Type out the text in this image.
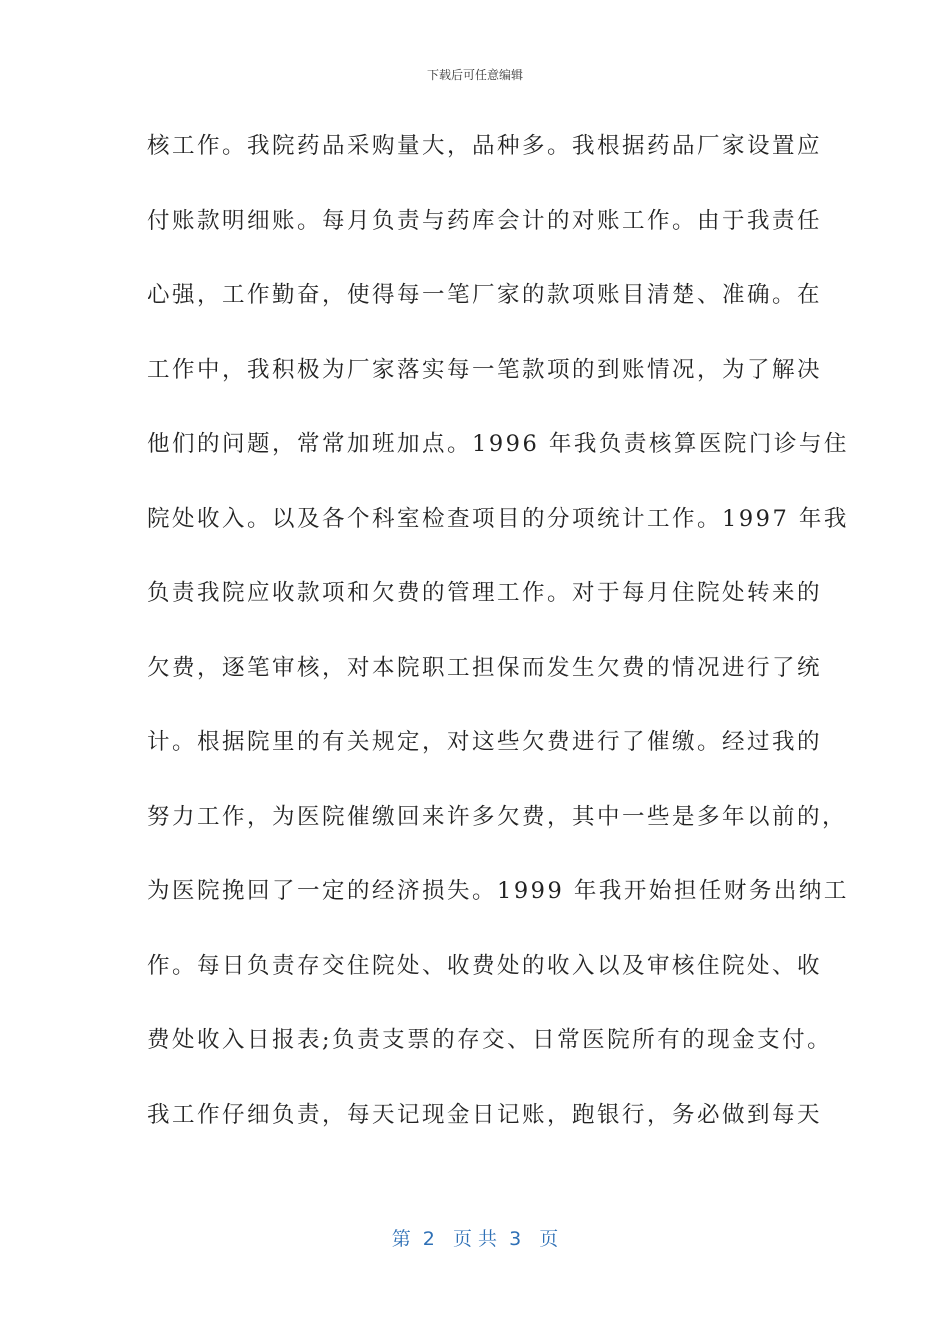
下载后可任意编辑
核工作。我院药品采购量大，品种多。我根据药品厂家设置应
付账款明细账。每月负责与药库会计的对账工作。由于我责任
心强，工作勤奋，使得每一笔厂家的款项账目清楚、准确。在
工作中，我积极为厂家落实每一笔款项的到账情况，为了解决
他们的问题，常常加班加点。1996 年我负责核算医院门诊与住
院处收入。以及各个科室检查项目的分项统计工作。1997 年我
负责我院应收款项和欠费的管理工作。对于每月住院处转来的
欠费，逐笔审核，对本院职工担保而发生欠费的情况进行了统
计。根据院里的有关规定，对这些欠费进行了催缴。经过我的
努力工作，为医院催缴回来许多欠费，其中一些是多年以前的，
为医院挽回了一定的经济损失。1999 年我开始担任财务出纳工
作。每日负责存交住院处、收费处的收入以及审核住院处、收
费处收入日报表;负责支票的存交、日常医院所有的现金支付。
我工作仔细负责，每天记现金日记账，跑银行，务必做到每天
第  2   页 共  3   页
